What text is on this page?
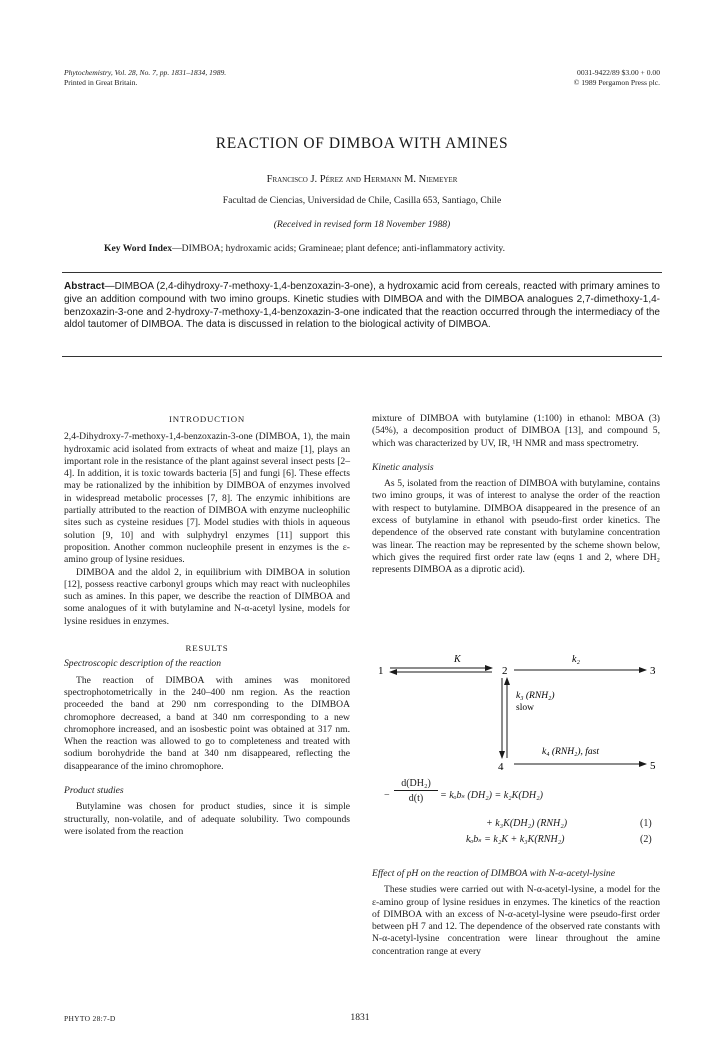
Phytochemistry, Vol. 28, No. 7, pp. 1831–1834, 1989.
Printed in Great Britain.
0031-9422/89 $3.00 + 0.00
© 1989 Pergamon Press plc.
REACTION OF DIMBOA WITH AMINES
Francisco J. Pérez and Hermann M. Niemeyer
Facultad de Ciencias, Universidad de Chile, Casilla 653, Santiago, Chile
(Received in revised form 18 November 1988)
Key Word Index—DIMBOA; hydroxamic acids; Gramineae; plant defence; anti-inflammatory activity.
Abstract—DIMBOA (2,4-dihydroxy-7-methoxy-1,4-benzoxazin-3-one), a hydroxamic acid from cereals, reacted with primary amines to give an addition compound with two imino groups. Kinetic studies with DIMBOA and with the DIMBOA analogues 2,7-dimethoxy-1,4-benzoxazin-3-one and 2-hydroxy-7-methoxy-1,4-benzoxazin-3-one indicated that the reaction occurred through the intermediacy of the aldol tautomer of DIMBOA. The data is discussed in relation to the biological activity of DIMBOA.
INTRODUCTION

2,4-Dihydroxy-7-methoxy-1,4-benzoxazin-3-one (DIMBOA, 1), the main hydroxamic acid isolated from extracts of wheat and maize [1], plays an important role in the resistance of the plant against several insect pests [2–4]. In addition, it is toxic towards bacteria [5] and fungi [6]. These effects may be rationalized by the inhibition by DIMBOA of enzymes involved in widespread metabolic processes [7, 8]. The enzymic inhibitions are partially attributed to the reaction of DIMBOA with enzyme nucleophilic sites such as cysteine residues [7]. Model studies with thiols in aqueous solution [9, 10] and with sulphydryl enzymes [11] support this proposition. Another common nucleophile present in enzymes is the ε-amino group of lysine residues.

DIMBOA and the aldol 2, in equilibrium with DIMBOA in solution [12], possess reactive carbonyl groups which may react with nucleophiles such as amines. In this paper, we describe the reaction of DIMBOA and some analogues of it with butylamine and N-α-acetyl lysine, models for lysine residues in enzymes.

RESULTS
Spectroscopic description of the reaction

The reaction of DIMBOA with amines was monitored spectrophotometrically in the 240–400 nm region. As the reaction proceeded the band at 290 nm corresponding to the DIMBOA chromophore decreased, a band at 340 nm corresponding to a new chromophore increased, and an isosbestic point was obtained at 317 nm. When the reaction was allowed to go to completeness and treated with sodium borohydride the band at 340 nm disappeared, reflecting the disappearance of the imino chromophore.

Product studies

Butylamine was chosen for product studies, since it is simple structurally, non-volatile, and of adequate solubility. Two compounds were isolated from the reaction

mixture of DIMBOA with butylamine (1:100) in ethanol: MBOA (3) (54%), a decomposition product of DIMBOA [13], and compound 5, which was characterized by UV, IR, ¹H NMR and mass spectrometry.

Kinetic analysis

As 5, isolated from the reaction of DIMBOA with butylamine, contains two imino groups, it was of interest to analyse the order of the reaction with respect to butylamine. DIMBOA disappeared in the presence of an excess of butylamine in ethanol with pseudo-first order kinetics. The dependence of the observed rate constant with butylamine concentration was linear. The reaction may be represented by the scheme shown below, which gives the required first order rate law (eqns 1 and 2, where DH₂ represents DIMBOA as a diprotic acid).

1
K
2
k₂
3
k₃ (RNH₂)
slow
4
k₄ (RNH₂), fast
5
− $\frac{\text{d(DH₂)}}{d(t)} = k_ob_s$ (DH₂) = k₂K(DH₂)
+ k₃K(DH₂) (RNH₂)	(1)
kₒbₛ = k₂K + k₃K(RNH₂)	(2)
Effect of pH on the reaction of DIMBOA with N-α-acetyl-lysine

These studies were carried out with N-α-acetyl-lysine, a model for the ε-amino group of lysine residues in enzymes. The kinetics of the reaction of DIMBOA with an excess of N-α-acetyl-lysine were pseudo-first order between pH 7 and 12. The dependence of the observed rate constants with N-α-acetyl-lysine concentration were linear throughout the amine concentration range at every

PHYTO 28:7-D	1831
